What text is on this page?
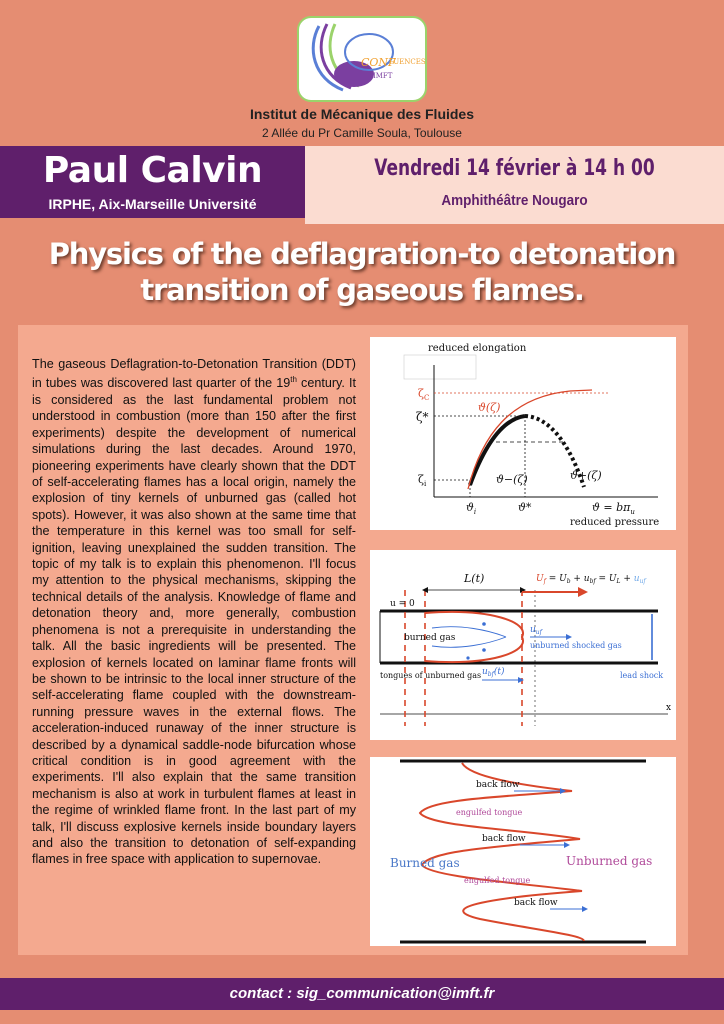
CONF
LUENCES
IMFT
Institut de Mécanique des Fluides
2 Allée du Pr Camille Soula, Toulouse
Paul Calvin
IRPHE, Aix-Marseille Université
Vendredi 14 février à 14 h 00
Amphithéâtre Nougaro
Physics of the deflagration-to detonation transition of gaseous flames.
The gaseous Deflagration-to-Detonation Transition (DDT) in tubes was discovered last quarter of the 19th century. It is considered as the last fundamental problem not understood in combustion (more than 150 after the first experiments) despite the development of numerical simulations during the last decades. Around 1970, pioneering experiments have clearly shown that the DDT of self-accelerating flames has a local origin, namely the explosion of tiny kernels of unburned gas (called hot spots). However, it was also shown at the same time that the temperature in this kernel was too small for self-ignition, leaving unexplained the sudden transition. The topic of my talk is to explain this phenomenon. I'll focus my attention to the physical mechanisms, skipping the technical details of the analysis. Knowledge of flame and detonation theory and, more generally, combustion phenomena is not a prerequisite in understanding the talk. All the basic ingredients will be presented. The explosion of kernels located on laminar flame fronts will be shown to be intrinsic to the local inner structure of the self-accelerating flame coupled with the downstream-running pressure waves in the external flows. The acceleration-induced runaway of the inner structure is described by a dynamical saddle-node bifurcation whose critical condition is in good agreement with the experiments. I'll also explain that the same transition mechanism is also at work in turbulent flames at least in the regime of wrinkled flame front. In the last part of my talk, I'll discuss explosive kernels inside boundary layers and also the transition to detonation of self-expanding flames in free space with application to supernovae.
reduced elongation
$\zeta_C$
ζ*
$\zeta_i$
ϑ(ζ)
ϑ−(ζ)	ϑ+(ζ)
$ϑ_i$	ϑ*	$ϑ = b\pi_u$
reduced pressure
x
L(t)	$U_f = U_b + u_{bf} = U_L + u_{uf}$
u = 0
burned gas
tongues of unburned gas
$u_{uf}$
unburned shocked gas
lead shock
$u_{bf}(t)$
back flow
engulfed tongue
back flow
engulfed tongue
back flow
Burned gas	Unburned gas
contact : sig_communication@imft.fr
